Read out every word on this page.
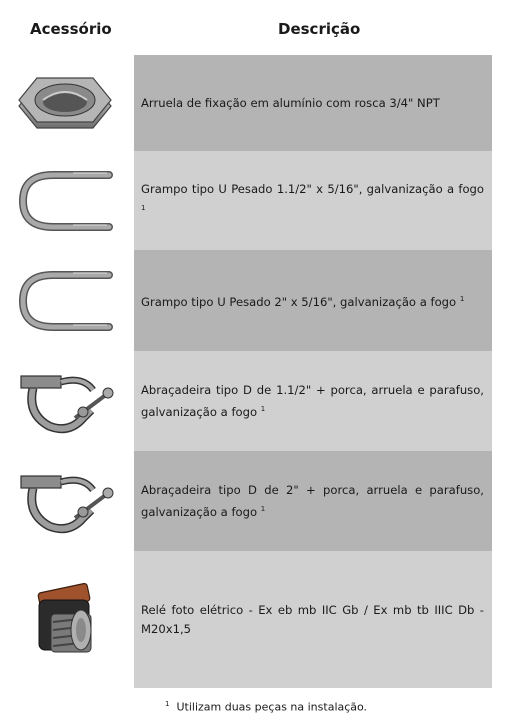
Acessório	Descrição
Arruela de fixação em alumínio com rosca 3/4" NPT
Grampo tipo U Pesado 1.1/2" x 5/16", galvanização a fogo $^1$
Grampo tipo U Pesado 2" x 5/16", galvanização a fogo $^1$
Abraçadeira tipo D de 1.1/2" + porca, arruela e parafuso, galvanização a fogo $^1$
Abraçadeira tipo D de 2" + porca, arruela e parafuso, galvanização a fogo $^1$
Relé foto elétrico - Ex eb mb IIC Gb / Ex mb tb IIIC Db -M20x1,5
$^1$ Utilizam duas peças na instalação.
